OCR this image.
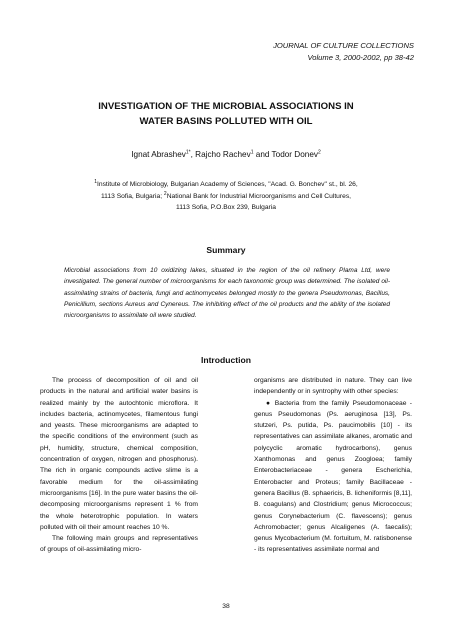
JOURNAL OF CULTURE COLLECTIONS
Volume 3, 2000-2002, pp 38-42
INVESTIGATION OF THE MICROBIAL ASSOCIATIONS IN
WATER BASINS POLLUTED WITH OIL
Ignat Abrashev$^{1*}$, Rajcho Rachev$^1$ and Todor Donev$^2$
$^1$Institute of Microbiology, Bulgarian Academy of Sciences, "Acad. G. Bonchev" st., bl. 26,
1113 Sofia, Bulgaria; $^2$National Bank for Industrial Microorganisms and Cell Cultures,
1113 Sofia, P.O.Box 239, Bulgaria
Summary
Microbial associations from 10 oxidizing lakes, situated in the region of the oil refinery Plama Ltd, were investigated. The general number of microorganisms for each taxonomic group was determined. The isolated oil-assimilating strains of bacteria, fungi and actinomycetes belonged mostly to the genera Pseudomonas, Bacillus, Penicillium, sections Aureus and Cynereus. The inhibiting effect of the oil products and the ability of the isolated microorganisms to assimilate oil were studied.
Introduction

The process of decomposition of oil and oil products in the natural and artificial water basins is realized mainly by the autochtonic microflora. It includes bacteria, actinomycetes, filamentous fungi and yeasts. These microorganisms are adapted to the specific conditions of the environment (such as pH, humidity, structure, chemical composition, concentration of oxygen, nitrogen and phosphorus). The rich in organic compounds active slime is a favorable medium for the oil-assimilating microorganisms [16]. In the pure water basins the oil-decomposing microorganisms represent 1 % from the whole heterotrophic population. In waters polluted with oil their amount reaches 10 %.

The following main groups and representatives of groups of oil-assimilating micro-

organisms are distributed in nature. They can live independently or in syntrophy with other species:

● Bacteria from the family Pseudomonaceae - genus Pseudomonas (Ps. aeruginosa [13], Ps. stutzeri, Ps. putida, Ps. paucimobilis [10] - its representatives can assimilate alkanes, aromatic and polycyclic aromatic hydrocarbons), genus Xanthomonas and genus Zoogloea; family Enterobacteriaceae - genera Escherichia, Enterobacter and Proteus; family Bacillaceae - genera Bacillus (B. sphaericis, B. licheniformis [8,11], B. coagulans) and Clostridium; genus Micrococcus; genus Corynebacterium (C. flavescens); genus Achromobacter; genus Alcaligenes (A. faecalis); genus Mycobacterium (M. fortuitum, M. ratisbonense - its representatives assimilate normal and

38
